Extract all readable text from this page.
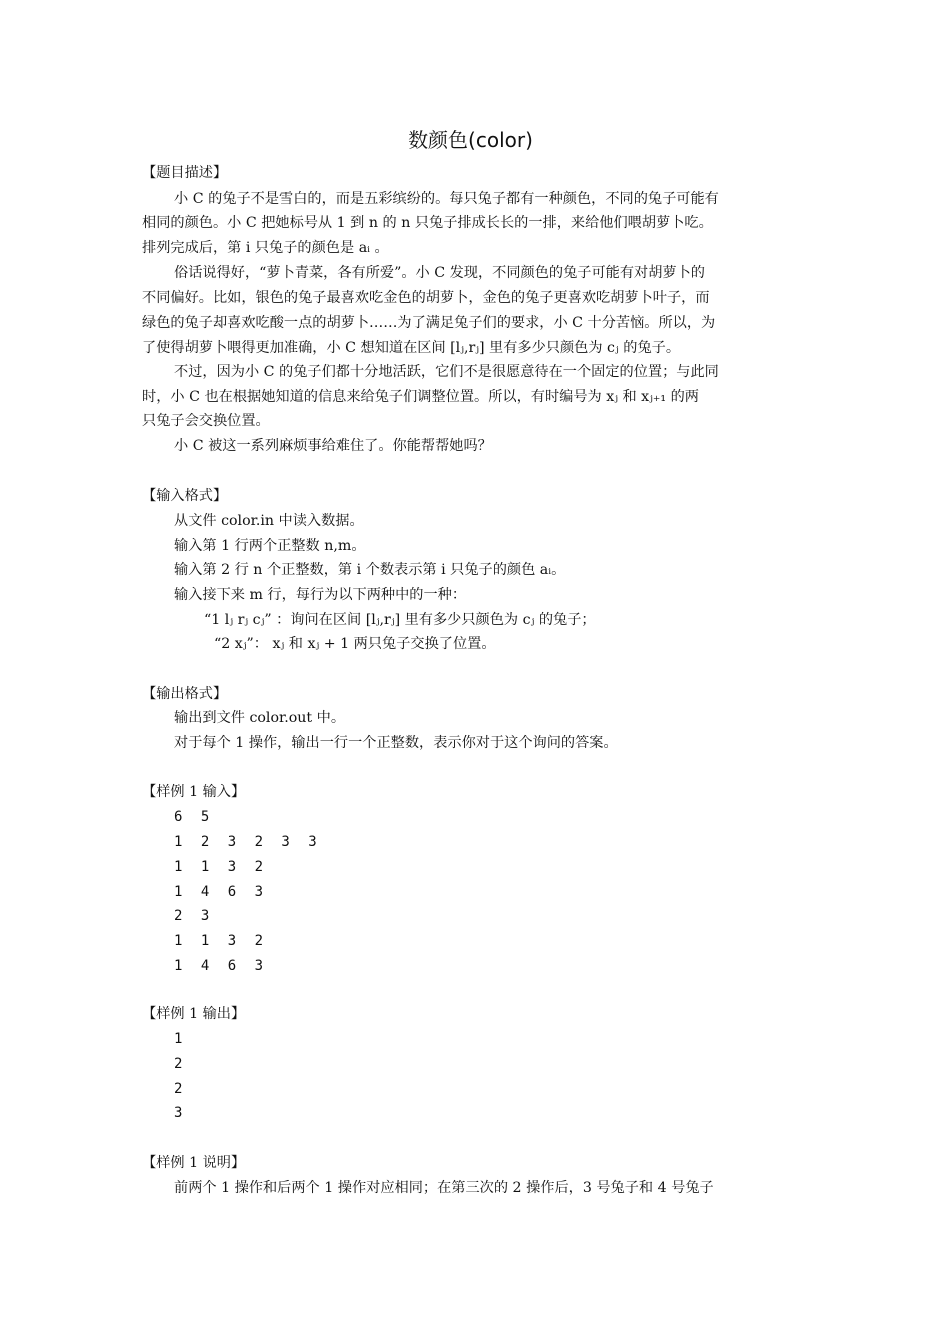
数颜色(color)
【题目描述】
小 C 的兔子不是雪白的，而是五彩缤纷的。每只兔子都有一种颜色，不同的兔子可能有
相同的颜色。小 C 把她标号从 1 到 n 的 n 只兔子排成长长的一排，来给他们喂胡萝卜吃。
排列完成后，第 i 只兔子的颜色是 aᵢ 。
俗话说得好，“萝卜青菜，各有所爱”。小 C 发现，不同颜色的兔子可能有对胡萝卜的
不同偏好。比如，银色的兔子最喜欢吃金色的胡萝卜，金色的兔子更喜欢吃胡萝卜叶子，而
绿色的兔子却喜欢吃酸一点的胡萝卜……为了满足兔子们的要求，小 C 十分苦恼。所以，为
了使得胡萝卜喂得更加准确，小 C 想知道在区间 [lⱼ,rⱼ] 里有多少只颜色为 cⱼ 的兔子。
不过，因为小 C 的兔子们都十分地活跃，它们不是很愿意待在一个固定的位置；与此同
时，小 C 也在根据她知道的信息来给兔子们调整位置。所以，有时编号为 xⱼ 和 xⱼ₊₁ 的两
只兔子会交换位置。
小 C 被这一系列麻烦事给难住了。你能帮帮她吗？
【输入格式】
从文件 color.in 中读入数据。
输入第 1 行两个正整数 n,m。
输入第 2 行 n 个正整数，第 i 个数表示第 i 只兔子的颜色 aᵢ。
输入接下来 m 行，每行为以下两种中的一种：
“1 lⱼ rⱼ cⱼ” ：询问在区间 [lⱼ,rⱼ] 里有多少只颜色为 cⱼ 的兔子；
“2 xⱼ”： xⱼ 和 xⱼ + 1 两只兔子交换了位置。
【输出格式】
输出到文件 color.out 中。
对于每个 1 操作，输出一行一个正整数，表示你对于这个询问的答案。
【样例 1 输入】
6 5
1 2 3 2 3 3
1 1 3 2
1 4 6 3
2 3
1 1 3 2
1 4 6 3
【样例 1 输出】
1
2
2
3
【样例 1 说明】
前两个 1 操作和后两个 1 操作对应相同；在第三次的 2 操作后，3 号兔子和 4 号兔子
